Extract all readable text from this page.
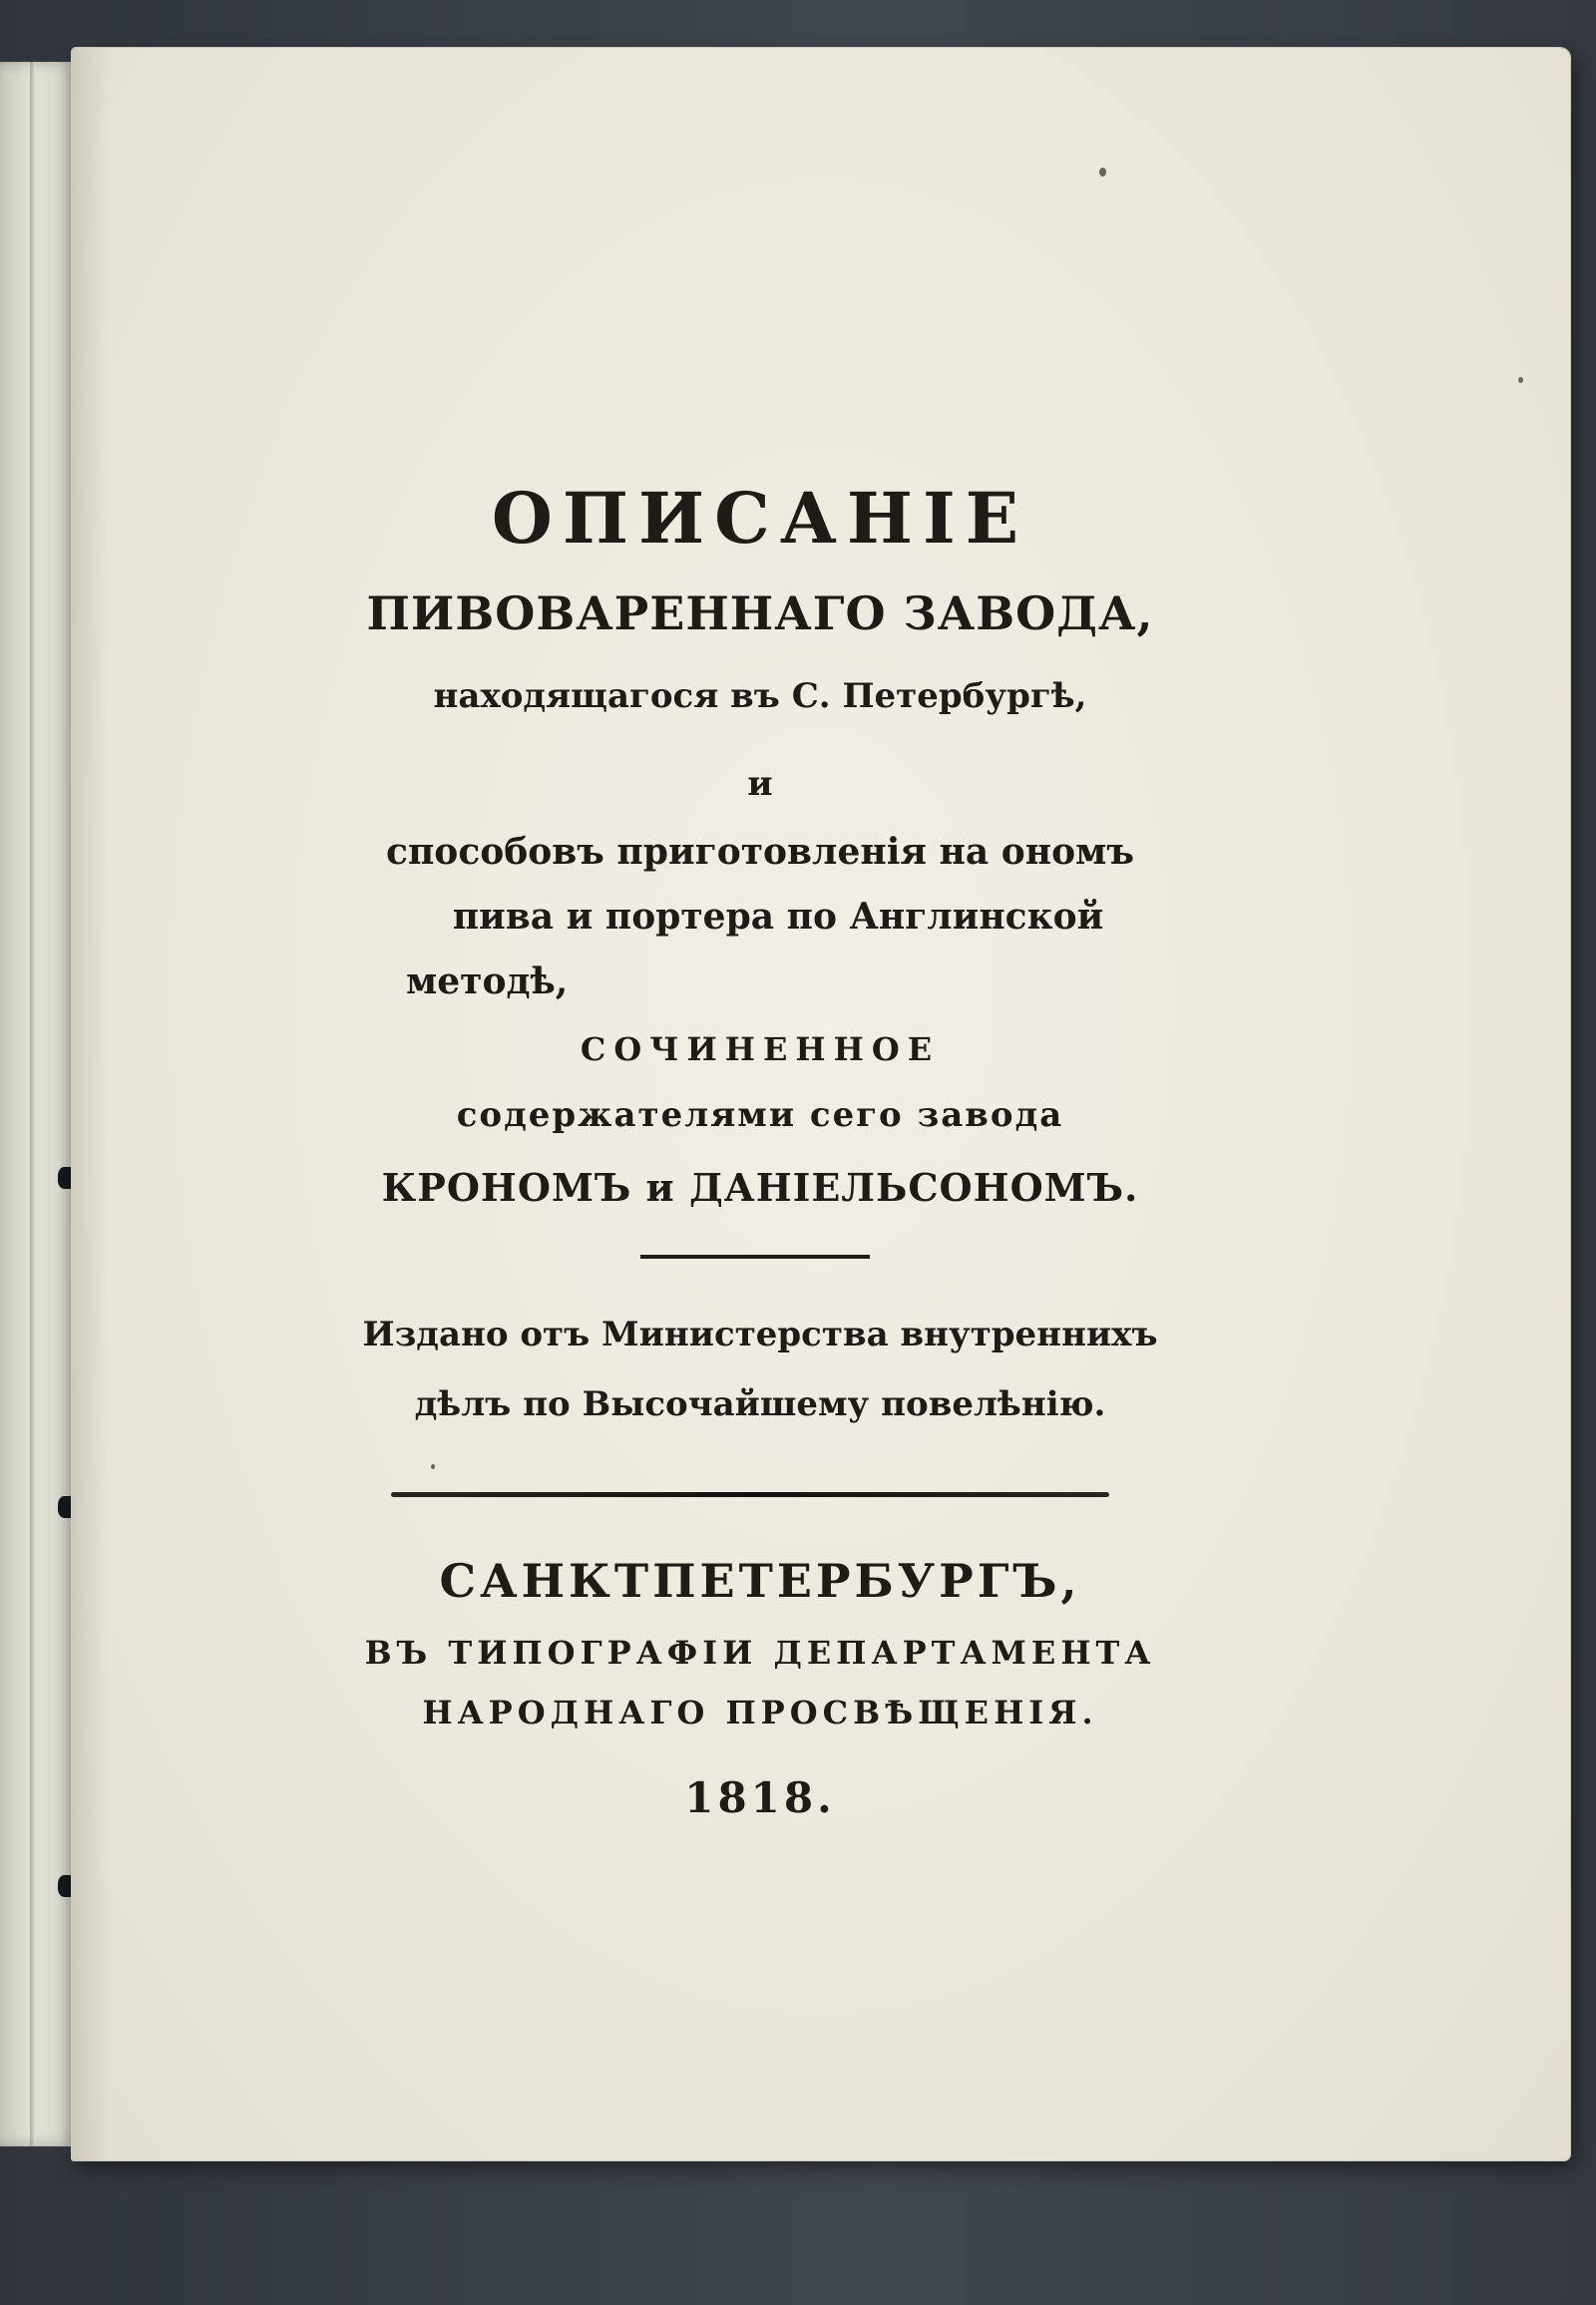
ОПИСАНІЕ
ПИВОВАРЕННАГО ЗАВОДА,
находящагося въ С. Петербургѣ,
и
способовъ приготовленія на ономъ
пива и портера по Англинской
методѣ,
СОЧИНЕННОЕ
содержателями сего завода
КРОНОМЪ и ДАНІЕЛЬСОНОМЪ.
Издано отъ Министерства внутреннихъ
дѣлъ по Высочайшему повелѣнію.
САНКТПЕТЕРБУРГЪ,
ВЪ ТИПОГРАФІИ ДЕПАРТАМЕНТА
НАРОДНАГО ПРОСВѢЩЕНІЯ.
1818.
